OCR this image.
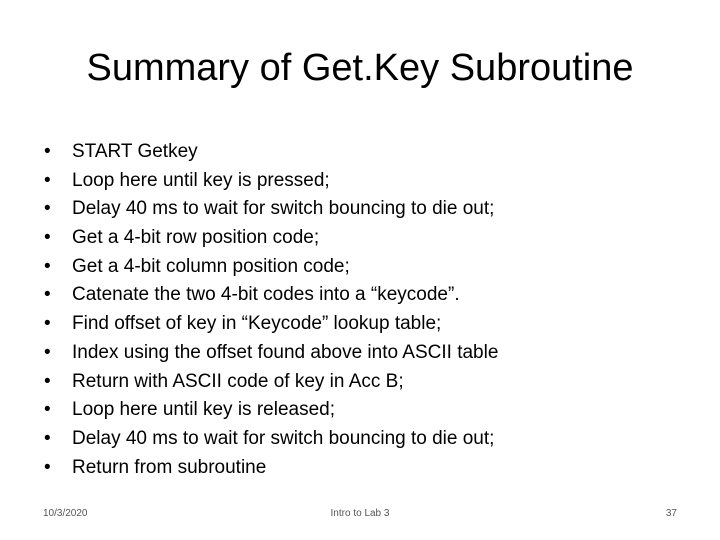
Summary of Get.Key Subroutine
•	START Getkey
•	Loop here until key is pressed;
•	Delay 40 ms to wait for switch bouncing to die out;
•	Get a 4-bit row position code;
•	Get a 4-bit column position code;
•	Catenate the two 4-bit codes into a “keycode”.
•	Find offset of key in “Keycode” lookup table;
•	Index using the offset found above into ASCII table
•	Return with ASCII code of key in Acc B;
•	Loop here until key is released;
•	Delay 40 ms to wait for switch bouncing to die out;
•	Return from subroutine
10/3/2020	Intro to Lab 3	37
